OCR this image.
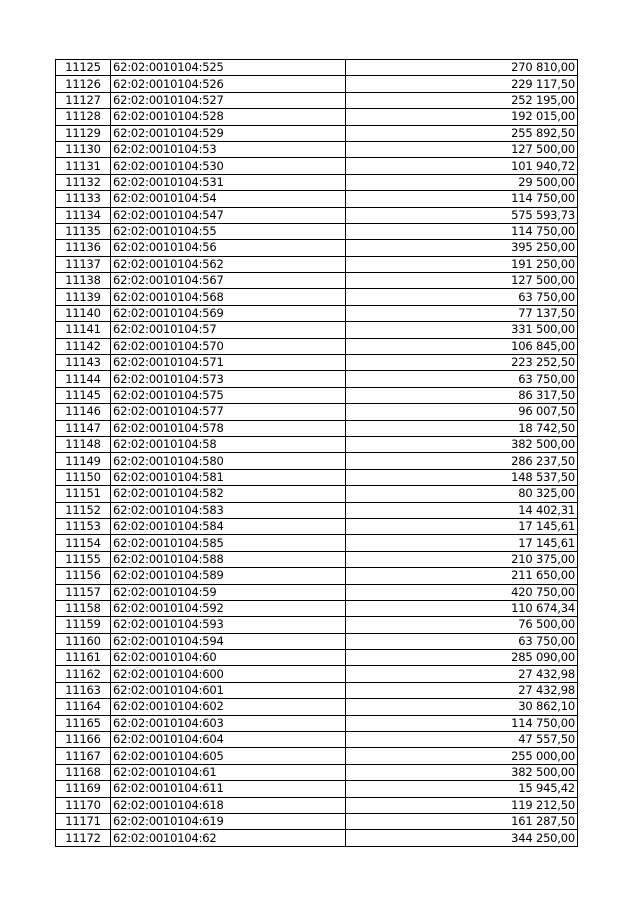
11125	62:02:0010104:525	270 810,00
11126	62:02:0010104:526	229 117,50
11127	62:02:0010104:527	252 195,00
11128	62:02:0010104:528	192 015,00
11129	62:02:0010104:529	255 892,50
11130	62:02:0010104:53	127 500,00
11131	62:02:0010104:530	101 940,72
11132	62:02:0010104:531	29 500,00
11133	62:02:0010104:54	114 750,00
11134	62:02:0010104:547	575 593,73
11135	62:02:0010104:55	114 750,00
11136	62:02:0010104:56	395 250,00
11137	62:02:0010104:562	191 250,00
11138	62:02:0010104:567	127 500,00
11139	62:02:0010104:568	63 750,00
11140	62:02:0010104:569	77 137,50
11141	62:02:0010104:57	331 500,00
11142	62:02:0010104:570	106 845,00
11143	62:02:0010104:571	223 252,50
11144	62:02:0010104:573	63 750,00
11145	62:02:0010104:575	86 317,50
11146	62:02:0010104:577	96 007,50
11147	62:02:0010104:578	18 742,50
11148	62:02:0010104:58	382 500,00
11149	62:02:0010104:580	286 237,50
11150	62:02:0010104:581	148 537,50
11151	62:02:0010104:582	80 325,00
11152	62:02:0010104:583	14 402,31
11153	62:02:0010104:584	17 145,61
11154	62:02:0010104:585	17 145,61
11155	62:02:0010104:588	210 375,00
11156	62:02:0010104:589	211 650,00
11157	62:02:0010104:59	420 750,00
11158	62:02:0010104:592	110 674,34
11159	62:02:0010104:593	76 500,00
11160	62:02:0010104:594	63 750,00
11161	62:02:0010104:60	285 090,00
11162	62:02:0010104:600	27 432,98
11163	62:02:0010104:601	27 432,98
11164	62:02:0010104:602	30 862,10
11165	62:02:0010104:603	114 750,00
11166	62:02:0010104:604	47 557,50
11167	62:02:0010104:605	255 000,00
11168	62:02:0010104:61	382 500,00
11169	62:02:0010104:611	15 945,42
11170	62:02:0010104:618	119 212,50
11171	62:02:0010104:619	161 287,50
11172	62:02:0010104:62	344 250,00
